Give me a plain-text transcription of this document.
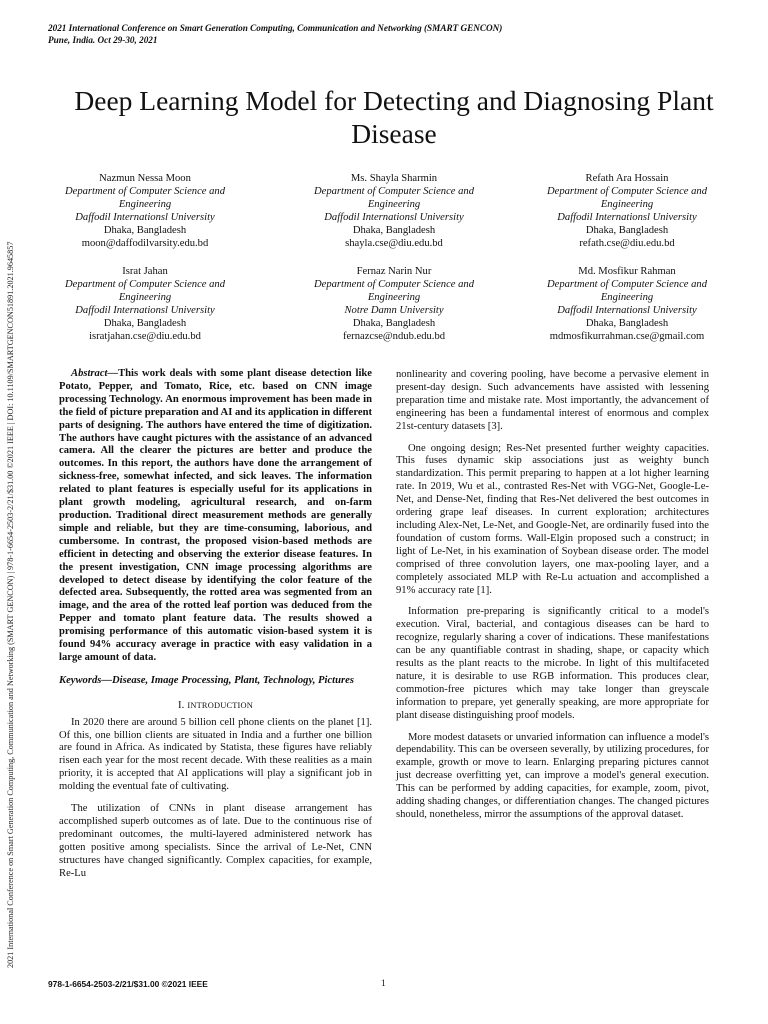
2021 International Conference on Smart Generation Computing, Communication and Networking (SMART GENCON)
Pune, India. Oct 29-30, 2021
2021 International Conference on Smart Generation Computing, Communication and Networking (SMART GENCON) | 978-1-6654-2503-2/21/$31.00 ©2021 IEEE | DOI: 10.1109/SMARTGENCON51891.2021.9645857
Deep Learning Model for Detecting and Diagnosing Plant Disease
Nazmun Nessa Moon
Department of Computer Science and Engineering
Daffodil Internationsl University
Dhaka, Bangladesh
moon@daffodilvarsity.edu.bd
Ms. Shayla Sharmin
Department of Computer Science and Engineering
Daffodil Internationsl University
Dhaka, Bangladesh
shayla.cse@diu.edu.bd
Refath Ara Hossain
Department of Computer Science and Engineering
Daffodil Internationsl University
Dhaka, Bangladesh
refath.cse@diu.edu.bd
Israt Jahan
Department of Computer Science and Engineering
Daffodil Internationsl University
Dhaka, Bangladesh
isratjahan.cse@diu.edu.bd
Fernaz Narin Nur
Department of Computer Science and Engineering
Notre Damn University
Dhaka, Bangladesh
fernazcse@ndub.edu.bd
Md. Mosfikur Rahman
Department of Computer Science and Engineering
Daffodil Internationsl University
Dhaka, Bangladesh
mdmosfikurrahman.cse@gmail.com

Abstract—This work deals with some plant disease detection like Potato, Pepper, and Tomato, Rice, etc. based on CNN image processing Technology. An enormous improvement has been made in the field of picture preparation and AI and its application in different parts of designing. The authors have entered the time of digitization. The authors have caught pictures with the assistance of an advanced camera. All the clearer the pictures are better and produce the outcomes. In this report, the authors have done the arrangement of sickness-free, somewhat infected, and sick leaves. The information related to plant features is especially useful for its applications in plant growth modeling, agricultural research, and on-farm production. Traditional direct measurement methods are generally simple and reliable, but they are time-consuming, laborious, and cumbersome. In contrast, the proposed vision-based methods are efficient in detecting and observing the exterior disease features. In the present investigation, CNN image processing algorithms are developed to detect disease by identifying the color feature of the defected area. Subsequently, the rotted area was segmented from an image, and the area of the rotted leaf portion was deduced from the Pepper and tomato plant feature data. The results showed a promising performance of this automatic vision-based system it is found 94% accuracy average in practice with easy validation in a large amount of data.

Keywords—Disease, Image Processing, Plant, Technology, Pictures

I. INTRODUCTION

In 2020 there are around 5 billion cell phone clients on the planet [1]. Of this, one billion clients are situated in India and a further one billion are found in Africa. As indicated by Statista, these figures have reliably risen each year for the most recent decade. With these realities as a main priority, it is accepted that AI applications will play a significant job in molding the eventual fate of cultivating.

The utilization of CNNs in plant disease arrangement has accomplished superb outcomes as of late. Due to the continuous rise of predominant outcomes, the multi-layered administered network has gotten positive among specialists. Since the arrival of Le-Net, CNN structures have changed significantly. Complex capacities, for example, Re-Lu

nonlinearity and covering pooling, have become a pervasive element in present-day design. Such advancements have assisted with lessening preparation time and mistake rate. Most importantly, the advancement of engineering has been a fundamental interest of enormous and complex 21st-century datasets [3].

One ongoing design; Res-Net presented further weighty capacities. This fuses dynamic skip associations just as weighty bunch standardization. This permit preparing to happen at a lot higher learning rate. In 2019, Wu et al., contrasted Res-Net with VGG-Net, Google-Le-Net, and Dense-Net, finding that Res-Net delivered the best outcomes in ordering grape leaf diseases. In current exploration; architectures including Alex-Net, Le-Net, and Google-Net, are ordinarily fused into the foundation of custom forms. Wall-Elgin proposed such a construct; in light of Le-Net, in his examination of Soybean disease order. The model comprised of three convolution layers, one max-pooling layer, and a completely associated MLP with Re-Lu actuation and accomplished a 91% accuracy rate [1].

Information pre-preparing is significantly critical to a model's execution. Viral, bacterial, and contagious diseases can be hard to recognize, regularly sharing a cover of indications. These manifestations can be any quantifiable contrast in shading, shape, or capacity which results as the plant reacts to the microbe. In light of this multifaceted nature, it is desirable to use RGB information. This produces clear, commotion-free pictures which may take longer than greyscale information to prepare, yet generally speaking, are more appropriate for plant disease distinguishing proof models.

More modest datasets or unvaried information can influence a model's dependability. This can be overseen severally, by utilizing procedures, for example, growth or move to learn. Enlarging preparing pictures cannot just decrease overfitting yet, can improve a model's general execution. This can be performed by adding capacities, for example, zoom, pivot, adding shading changes, or differentiation changes. The changed pictures should, nonetheless, mirror the assumptions of the approval dataset.

978-1-6654-2503-2/21/$31.00 ©2021 IEEE	1
